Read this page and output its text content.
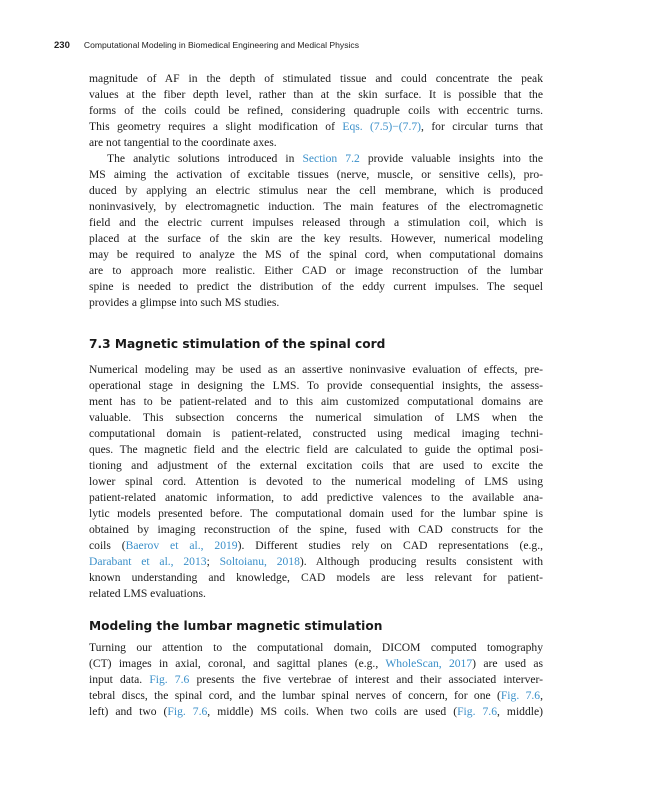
230 Computational Modeling in Biomedical Engineering and Medical Physics
magnitude of AF in the depth of stimulated tissue and could concentrate the peak
values at the fiber depth level, rather than at the skin surface. It is possible that the
forms of the coils could be refined, considering quadruple coils with eccentric turns.
This geometry requires a slight modification of Eqs. (7.5)−(7.7), for circular turns that
are not tangential to the coordinate axes.
The analytic solutions introduced in Section 7.2 provide valuable insights into the
MS aiming the activation of excitable tissues (nerve, muscle, or sensitive cells), pro-
duced by applying an electric stimulus near the cell membrane, which is produced
noninvasively, by electromagnetic induction. The main features of the electromagnetic
field and the electric current impulses released through a stimulation coil, which is
placed at the surface of the skin are the key results. However, numerical modeling
may be required to analyze the MS of the spinal cord, when computational domains
are to approach more realistic. Either CAD or image reconstruction of the lumbar
spine is needed to predict the distribution of the eddy current impulses. The sequel
provides a glimpse into such MS studies.
7.3 Magnetic stimulation of the spinal cord
Numerical modeling may be used as an assertive noninvasive evaluation of effects, pre-
operational stage in designing the LMS. To provide consequential insights, the assess-
ment has to be patient-related and to this aim customized computational domains are
valuable. This subsection concerns the numerical simulation of LMS when the
computational domain is patient-related, constructed using medical imaging techni-
ques. The magnetic field and the electric field are calculated to guide the optimal posi-
tioning and adjustment of the external excitation coils that are used to excite the
lower spinal cord. Attention is devoted to the numerical modeling of LMS using
patient-related anatomic information, to add predictive valences to the available ana-
lytic models presented before. The computational domain used for the lumbar spine is
obtained by imaging reconstruction of the spine, fused with CAD constructs for the
coils (Baerov et al., 2019). Different studies rely on CAD representations (e.g.,
Darabant et al., 2013; Soltoianu, 2018). Although producing results consistent with
known understanding and knowledge, CAD models are less relevant for patient-
related LMS evaluations.
Modeling the lumbar magnetic stimulation
Turning our attention to the computational domain, DICOM computed tomography
(CT) images in axial, coronal, and sagittal planes (e.g., WholeScan, 2017) are used as
input data. Fig. 7.6 presents the five vertebrae of interest and their associated interver-
tebral discs, the spinal cord, and the lumbar spinal nerves of concern, for one (Fig. 7.6,
left) and two (Fig. 7.6, middle) MS coils. When two coils are used (Fig. 7.6, middle)
